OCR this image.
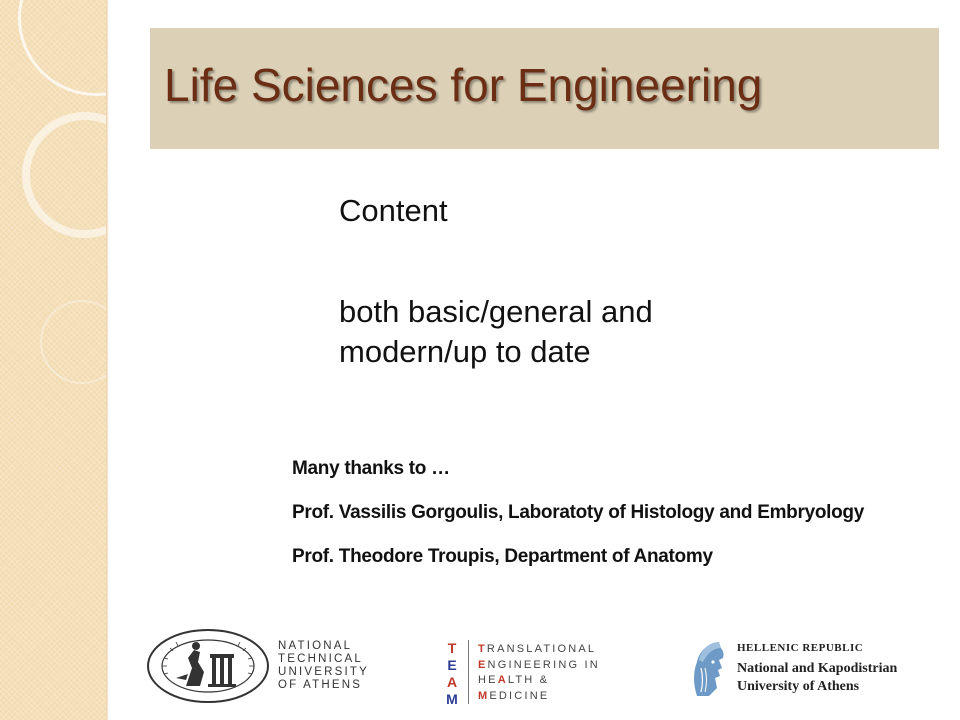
Life Sciences for Engineering
Content
both basic/general and
modern/up to date
Many thanks to …
Prof. Vassilis Gorgoulis, Laboratoty of Histology and Embryology
Prof. Theodore Troupis, Department of Anatomy
NATIONAL
TECHNICAL
UNIVERSITY
OF ATHENS
T
E
A
M
TRANSLATIONAL
ENGINEERING IN
HEALTH &
MEDICINE
HELLENIC REPUBLIC
National and Kapodistrian
University of Athens
